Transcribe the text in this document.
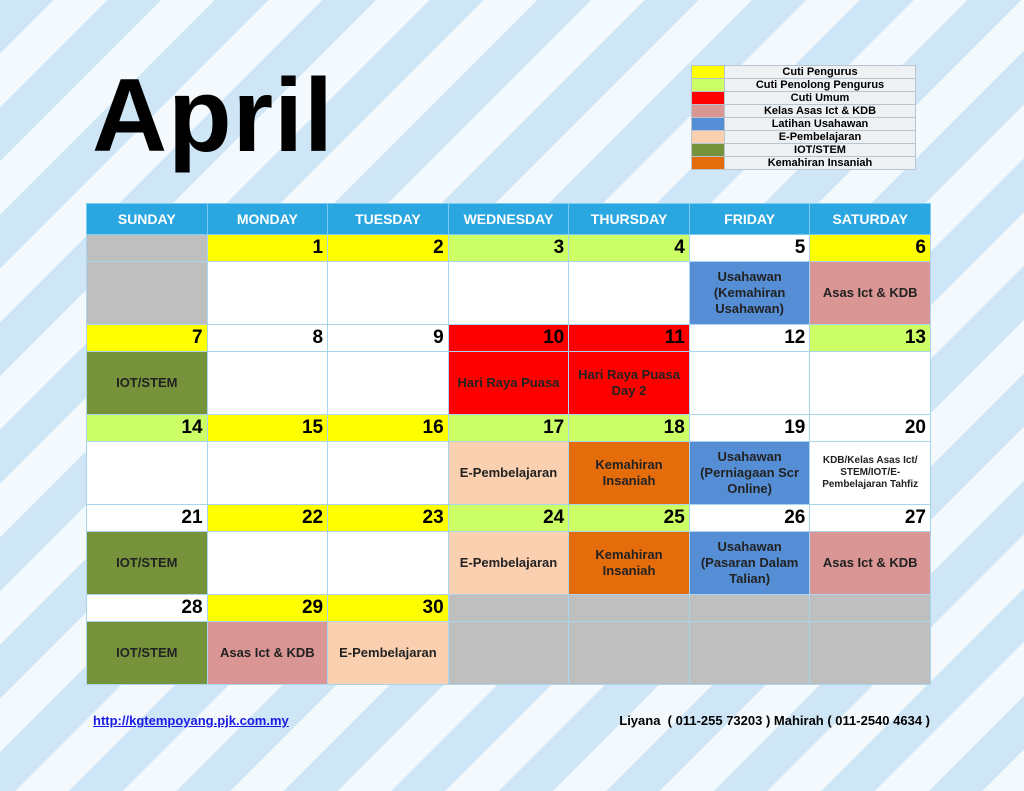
April
		Cuti Pengurus
	Cuti Penolong Pengurus
	Cuti Umum
	Kelas Asas Ict & KDB
	Latihan Usahawan
	E-Pembelajaran
	IOT/STEM
	Kemahiran Insaniah
SUNDAY	MONDAY	TUESDAY	WEDNESDAY	THURSDAY	FRIDAY	SATURDAY
	1	2	3	4	5	6
					Usahawan (Kemahiran Usahawan)	Asas Ict & KDB
7	8	9	10	11	12	13
IOT/STEM			Hari Raya Puasa	Hari Raya Puasa Day 2		
14	15	16	17	18	19	20
			E-Pembelajaran	Kemahiran Insaniah	Usahawan (Perniagaan Scr Online)	KDB/Kelas Asas Ict/ STEM/IOT/E-Pembelajaran Tahfiz
21	22	23	24	25	26	27
IOT/STEM			E-Pembelajaran	Kemahiran Insaniah	Usahawan (Pasaran Dalam Talian)	Asas Ict & KDB
28	29	30				
IOT/STEM	Asas Ict & KDB	E-Pembelajaran				
http://kgtempoyang.pjk.com.my	Liyana  ( 011-255 73203 ) Mahirah ( 011-2540 4634 )
